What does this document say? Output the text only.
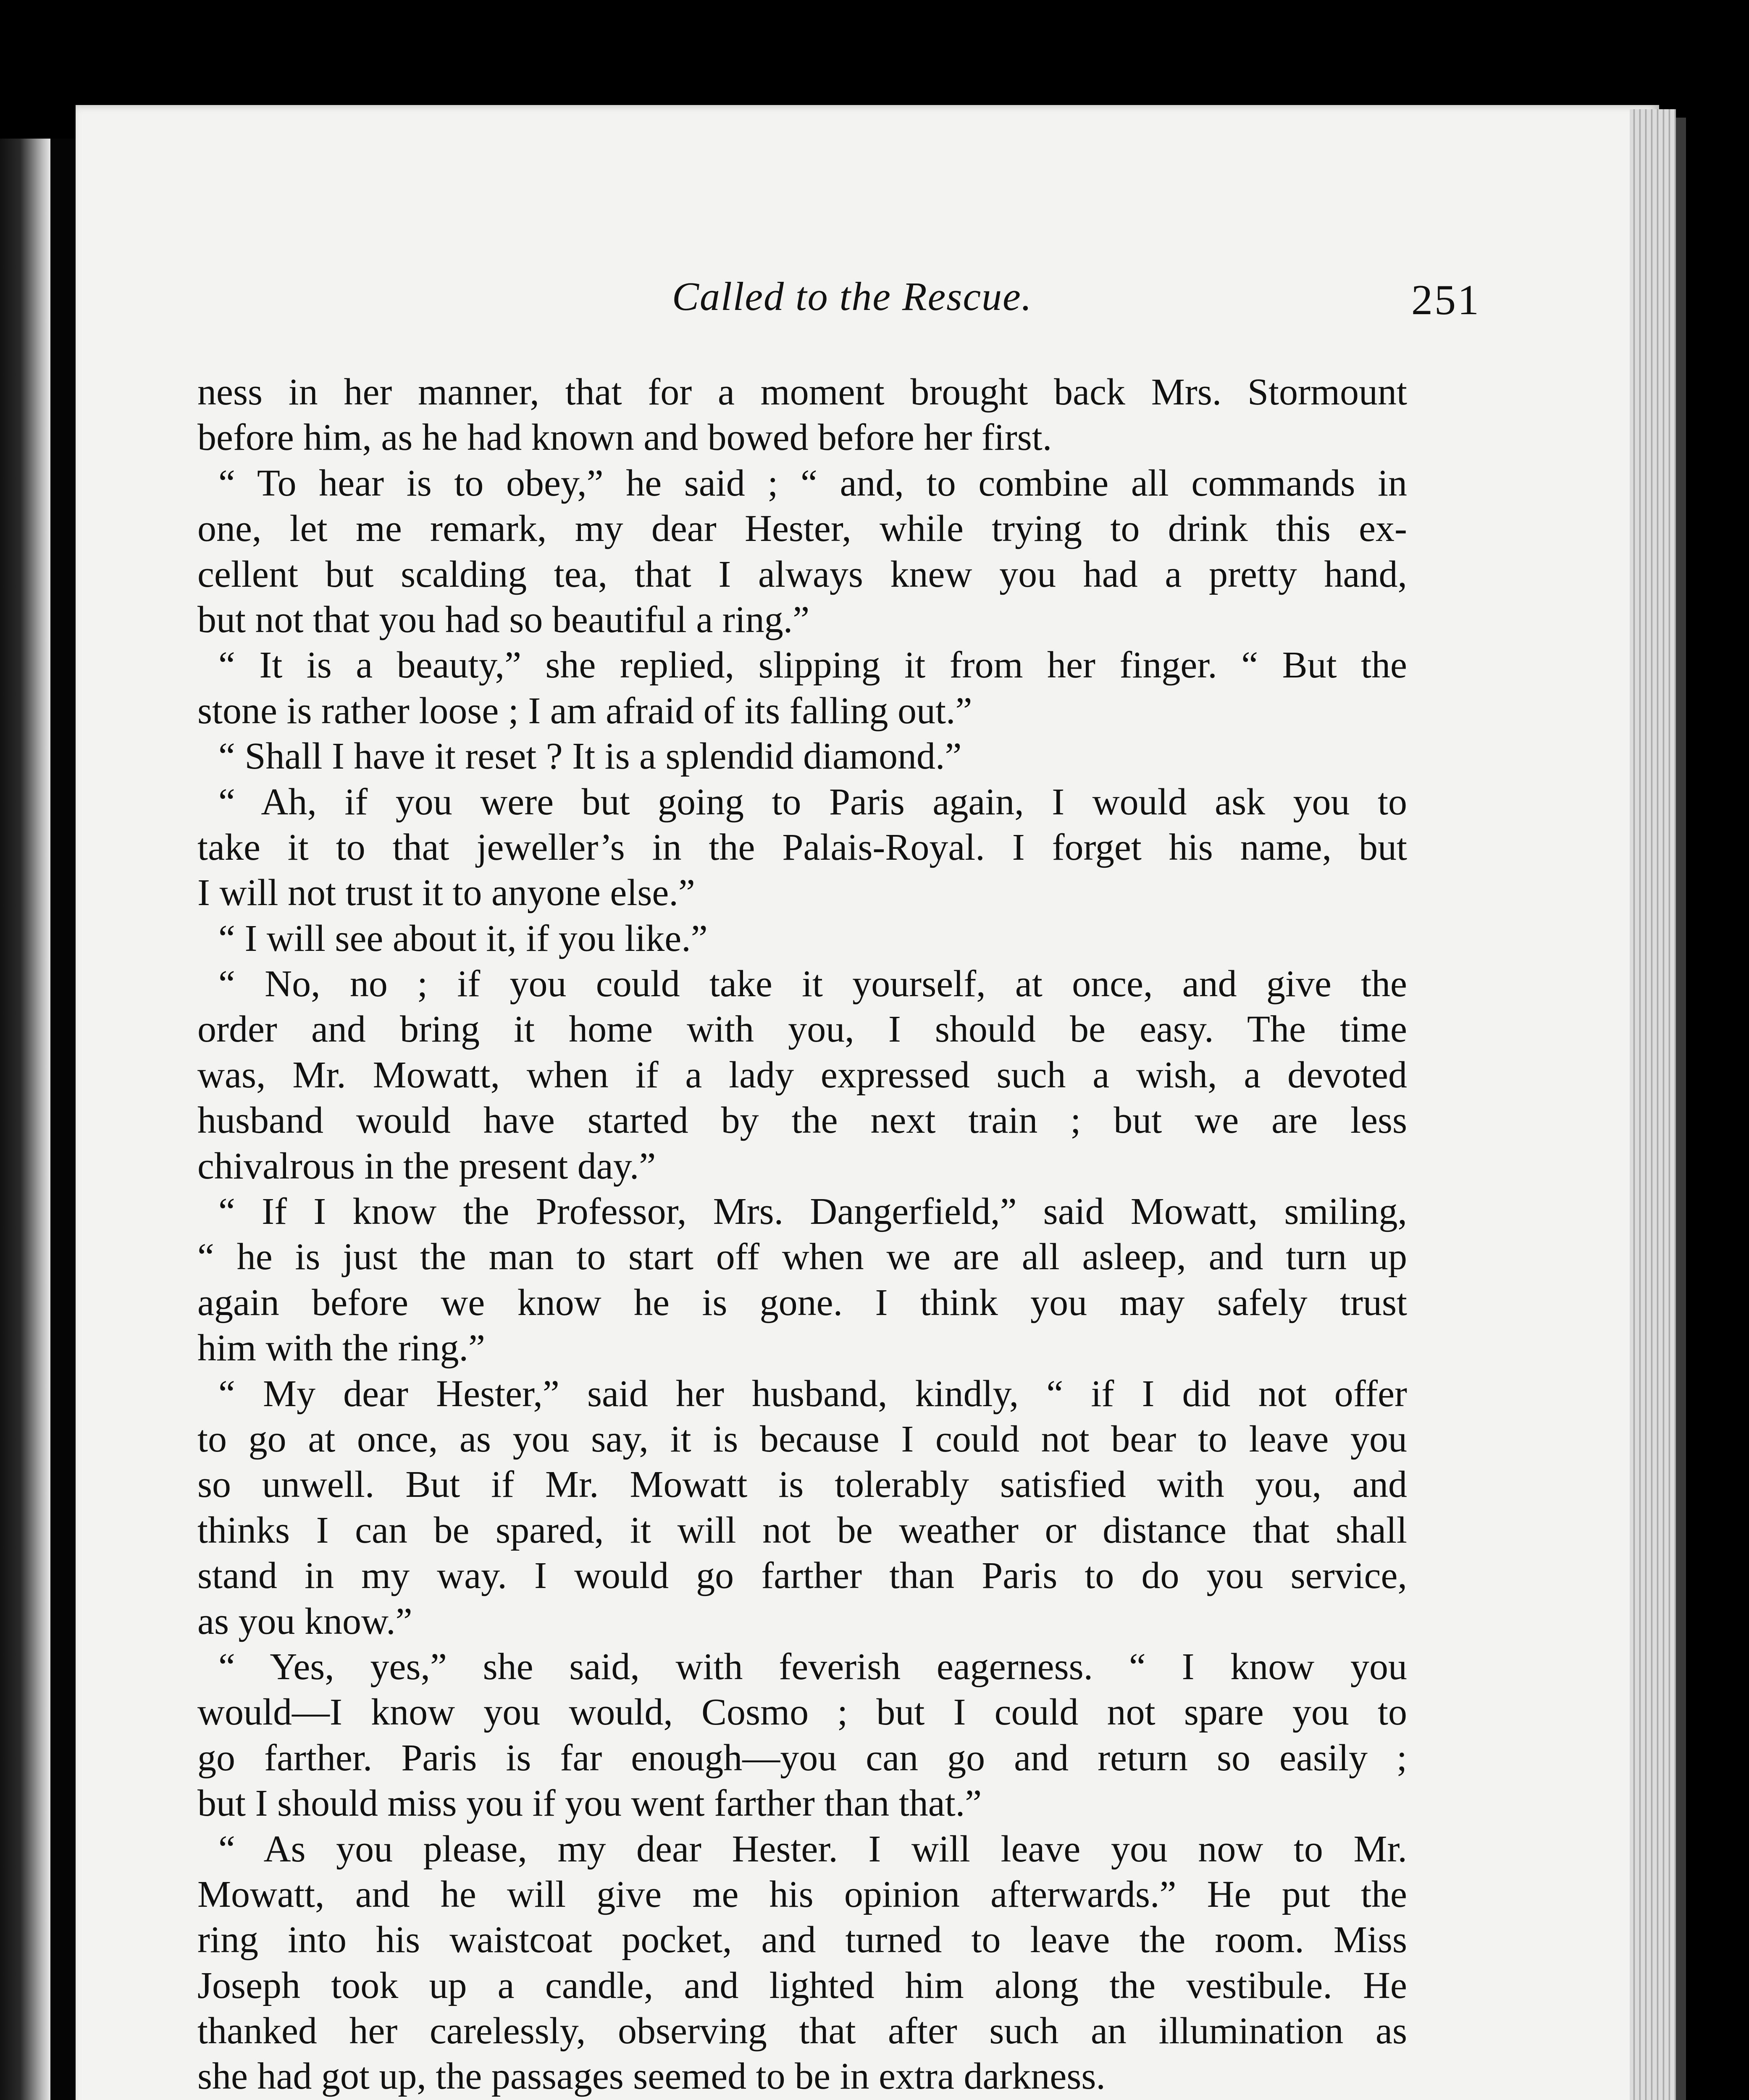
Called to the Rescue.	251
ness in her manner, that for a moment brought back Mrs. Stormount
before him, as he had known and bowed before her first.
“ To hear is to obey,” he said ; “ and, to combine all commands in
one, let me remark, my dear Hester, while trying to drink this ex-
cellent but scalding tea, that I always knew you had a pretty hand,
but not that you had so beautiful a ring.”
“ It is a beauty,” she replied, slipping it from her finger. “ But the
stone is rather loose ; I am afraid of its falling out.”
“ Shall I have it reset ? It is a splendid diamond.”
“ Ah, if you were but going to Paris again, I would ask you to
take it to that jeweller’s in the Palais-Royal. I forget his name, but
I will not trust it to anyone else.”
“ I will see about it, if you like.”
“ No, no ; if you could take it yourself, at once, and give the
order and bring it home with you, I should be easy. The time
was, Mr. Mowatt, when if a lady expressed such a wish, a devoted
husband would have started by the next train ; but we are less
chivalrous in the present day.”
“ If I know the Professor, Mrs. Dangerfield,” said Mowatt, smiling,
“ he is just the man to start off when we are all asleep, and turn up
again before we know he is gone. I think you may safely trust
him with the ring.”
“ My dear Hester,” said her husband, kindly, “ if I did not offer
to go at once, as you say, it is because I could not bear to leave you
so unwell. But if Mr. Mowatt is tolerably satisfied with you, and
thinks I can be spared, it will not be weather or distance that shall
stand in my way. I would go farther than Paris to do you service,
as you know.”
“ Yes, yes,” she said, with feverish eagerness. “ I know you
would—I know you would, Cosmo ; but I could not spare you to
go farther. Paris is far enough—you can go and return so easily ;
but I should miss you if you went farther than that.”
“ As you please, my dear Hester. I will leave you now to Mr.
Mowatt, and he will give me his opinion afterwards.” He put the
ring into his waistcoat pocket, and turned to leave the room. Miss
Joseph took up a candle, and lighted him along the vestibule. He
thanked her carelessly, observing that after such an illumination as
she had got up, the passages seemed to be in extra darkness.
